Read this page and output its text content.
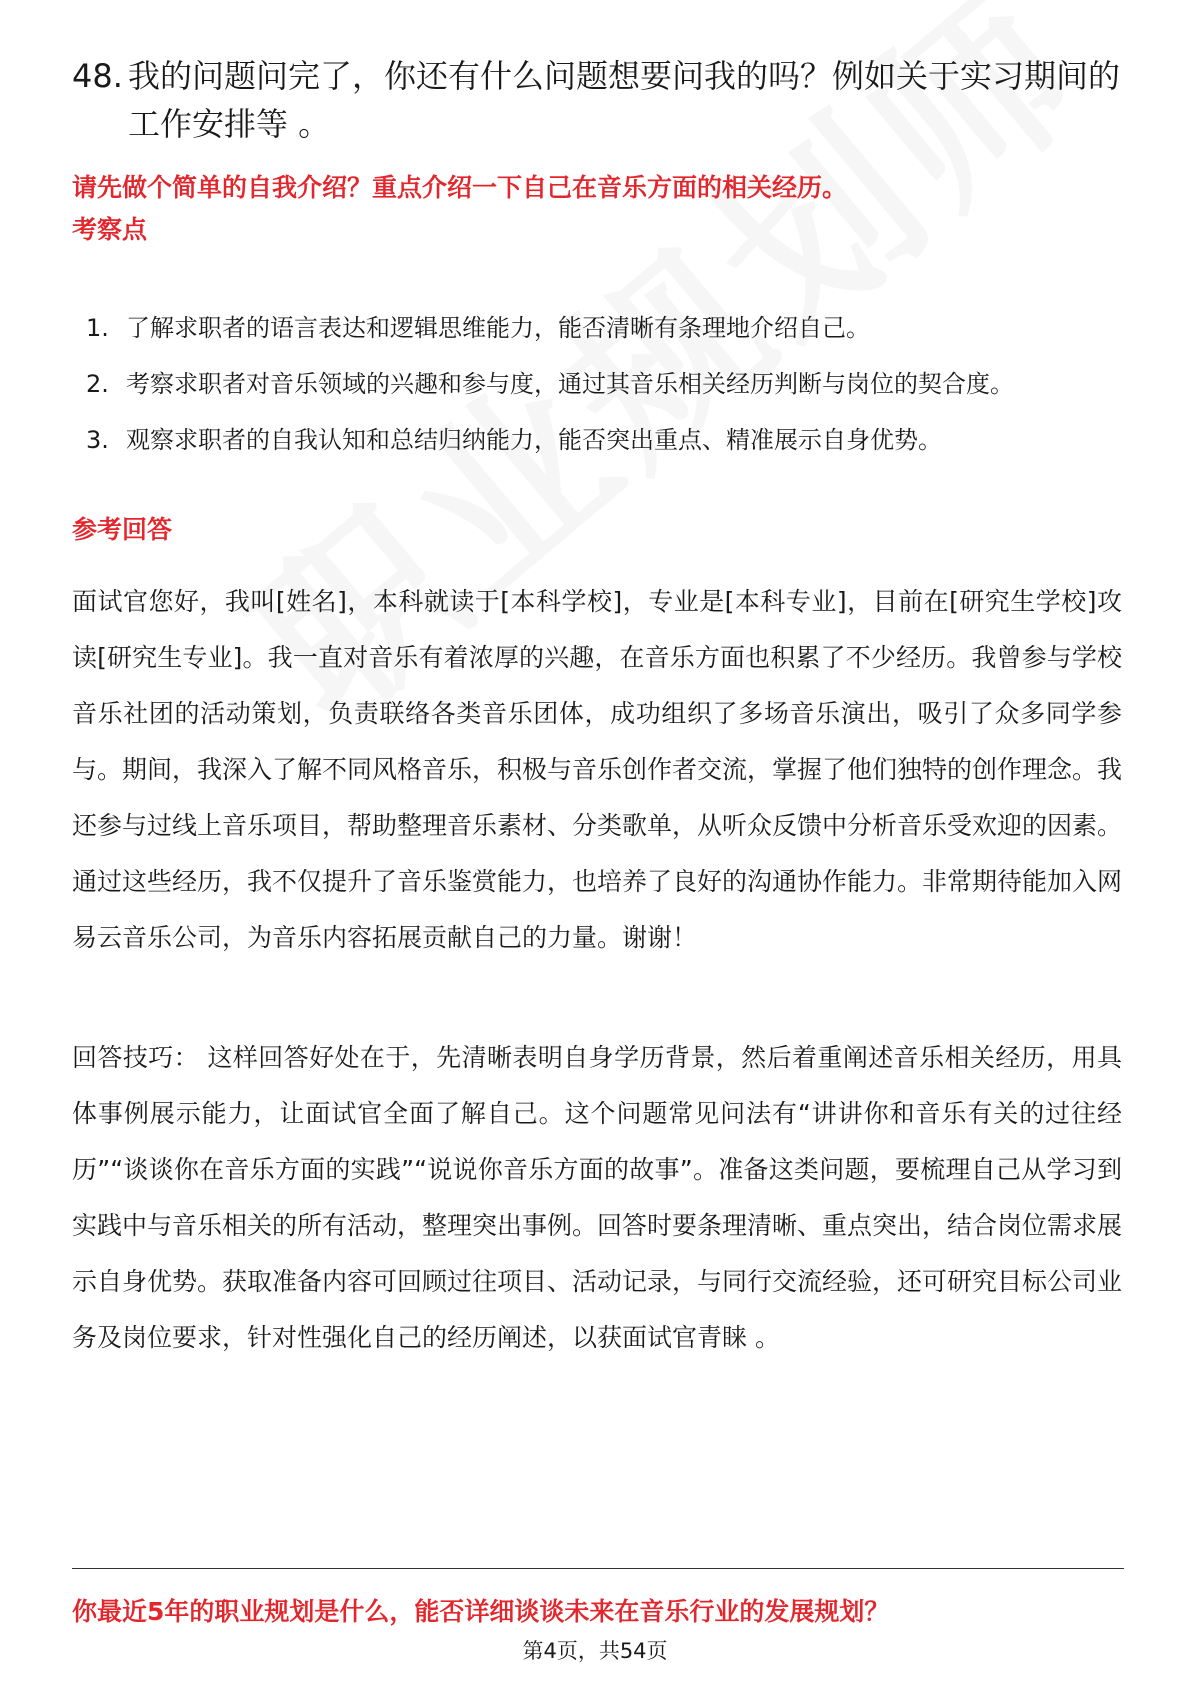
48. 我的问题问完了，你还有什么问题想要问我的吗？例如关于实习期间的工作安排等 。
请先做个简单的自我介绍？重点介绍一下自己在音乐方面的相关经历。
考察点
1. 了解求职者的语言表达和逻辑思维能力，能否清晰有条理地介绍自己。
2. 考察求职者对音乐领域的兴趣和参与度，通过其音乐相关经历判断与岗位的契合度。
3. 观察求职者的自我认知和总结归纳能力，能否突出重点、精准展示自身优势。
参考回答

面试官您好，我叫[姓名]，本科就读于[本科学校]，专业是[本科专业]，目前在[研究生学校]攻读[研究生专业]。我一直对音乐有着浓厚的兴趣，在音乐方面也积累了不少经历。我曾参与学校音乐社团的活动策划，负责联络各类音乐团体，成功组织了多场音乐演出，吸引了众多同学参与。期间，我深入了解不同风格音乐，积极与音乐创作者交流，掌握了他们独特的创作理念。我还参与过线上音乐项目，帮助整理音乐素材、分类歌单，从听众反馈中分析音乐受欢迎的因素。通过这些经历，我不仅提升了音乐鉴赏能力，也培养了良好的沟通协作能力。非常期待能加入网易云音乐公司，为音乐内容拓展贡献自己的力量。谢谢！

回答技巧： 这样回答好处在于，先清晰表明自身学历背景，然后着重阐述音乐相关经历，用具体事例展示能力，让面试官全面了解自己。这个问题常见问法有“讲讲你和音乐有关的过往经历”“谈谈你在音乐方面的实践”“说说你音乐方面的故事”。准备这类问题，要梳理自己从学习到实践中与音乐相关的所有活动，整理突出事例。回答时要条理清晰、重点突出，结合岗位需求展示自身优势。获取准备内容可回顾过往项目、活动记录，与同行交流经验，还可研究目标公司业务及岗位要求，针对性强化自己的经历阐述，以获面试官青睐 。

你最近5年的职业规划是什么，能否详细谈谈未来在音乐行业的发展规划？
第4页，共54页
